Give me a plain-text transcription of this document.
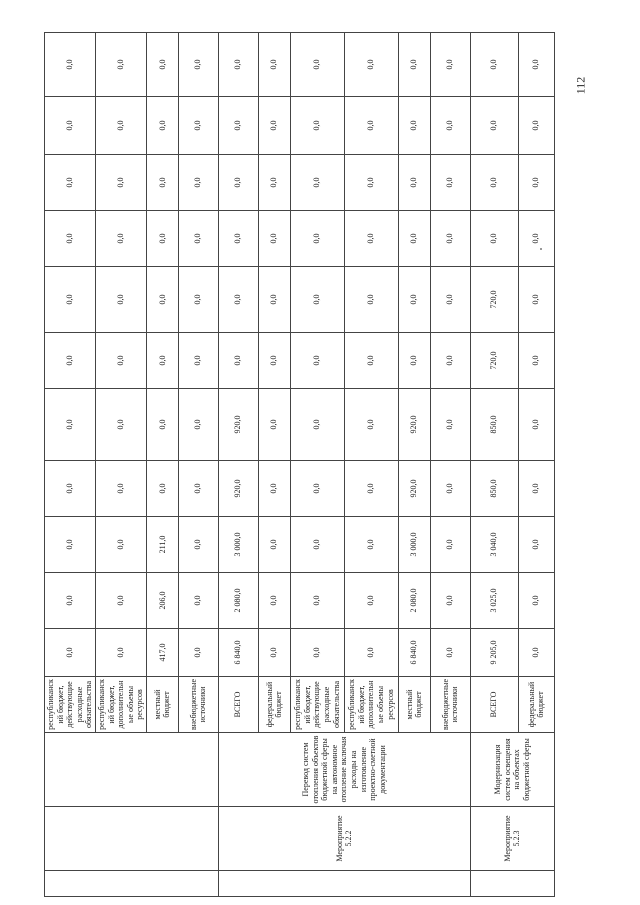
112
			республиканский бюджет, действующие расходные обязательства	0,0	0,0	0,0	0,0	0,0	0,0	0,0	0,0	0,0	0,0	0,0	
			республиканский бюджет, дополнительные объемы ресурсов	0,0	0,0	0,0	0,0	0,0	0,0	0,0	0,0	0,0	0,0	0,0	
			местный бюджет	417,0	206,0	211,0	0,0	0,0	0,0	0,0	0,0	0,0	0,0	0,0	
			внебюджетные источники	0,0	0,0	0,0	0,0	0,0	0,0	0,0	0,0	0,0	0,0	0,0	
	Мероприятие 5.2.2	Перевод систем отопления объектов бюджетной сферы на автономное отопление включая расходы на изготовление проектно-сметной документации	ВСЕГО	6 840,0	2 080,0	3 000,0	920,0	920,0	0,0	0,0	0,0	0,0	0,0	0,0	
			федеральный бюджет	0,0	0,0	0,0	0,0	0,0	0,0	0,0	0,0	0,0	0,0	0,0	
			республиканский бюджет, действующие расходные обязательства	0,0	0,0	0,0	0,0	0,0	0,0	0,0	0,0	0,0	0,0	0,0	
			республиканский бюджет, дополнительные объемы ресурсов	0,0	0,0	0,0	0,0	0,0	0,0	0,0	0,0	0,0	0,0	0,0	
			местный бюджет	6 840,0	2 080,0	3 000,0	920,0	920,0	0,0	0,0	0,0	0,0	0,0	0,0	
			внебюджетные источники	0,0	0,0	0,0	0,0	0,0	0,0	0,0	0,0	0,0	0,0	0,0	
	Мероприятие 5.2.3	Модернизация систем освещения на объектах бюджетной сферы	ВСЕГО	9 205,0	3 025,0	3 040,0	850,0	850,0	720,0	720,0	0,0	0,0	0,0	0,0	
			федеральный бюджет	0,0	0,0	0,0	0,0	0,0	0,0	0,0	0,0	0,0	0,0	0,0	
